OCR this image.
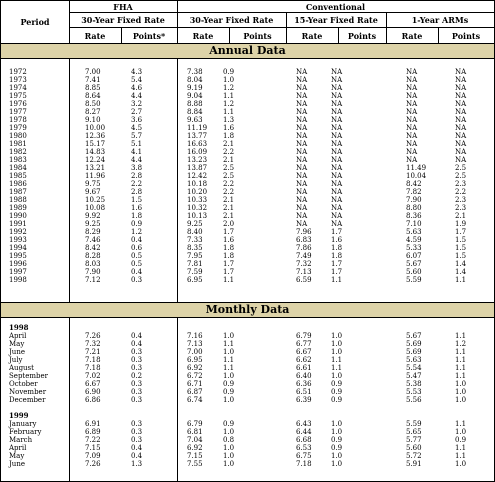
Period
FHA	Conventional
30-Year Fixed Rate	30-Year Fixed Rate	15-Year Fixed Rate	1-Year ARMs
Rate	Points*	Rate	Points	Rate	Points	Rate	Points
Annual Data
1972	7.00	4.3	7.38	0.9	NA	NA	NA	NA
1973	7.41	5.4	8.04	1.0	NA	NA	NA	NA
1974	8.85	4.6	9.19	1.2	NA	NA	NA	NA
1975	8.64	4.4	9.04	1.1	NA	NA	NA	NA
1976	8.50	3.2	8.88	1.2	NA	NA	NA	NA
1977	8.27	2.7	8.84	1.1	NA	NA	NA	NA
1978	9.10	3.6	9.63	1.3	NA	NA	NA	NA
1979	10.00	4.5	11.19 1.6	NA	NA	NA	NA
1980	12.36	5.7	13.77 1.8	NA	NA	NA	NA
1981	15.17	5.1	16.63 2.1	NA	NA	NA	NA
1982	14.83	4.1	16.09 2.2	NA	NA	NA	NA
1983	12.24	4.4	13.23 2.1	NA	NA	NA	NA
1984	13.21	3.8	13.87 2.5	NA	NA	11.49	2.5
1985	11.96	2.8	12.42 2.5	NA	NA	10.04	2.5
1986	9.75	2.2	10.18 2.2	NA	NA	8.42	2.3
1987	9.67	2.8	10.20 2.2	NA	NA	7.82	2.2
1988	10.25	1.5	10.33 2.1	NA	NA	7.90	2.3
1989	10.08	1.6	10.32 2.1	NA	NA	8.80	2.3
1990	9.92	1.8	10.13 2.1	NA	NA	8.36	2.1
1991	9.25	0.9	9.25	2.0	NA	NA	7.10	1.9
1992	8.29	1.2	8.40	1.7	7.96	1.7	5.63	1.7
1993	7.46	0.4	7.33	1.6	6.83	1.6	4.59	1.5
1994	8.42	0.6	8.35	1.8	7.86	1.8	5.33	1.5
1995	8.28	0.5	7.95	1.8	7.49	1.8	6.07	1.5
1996	8.03	0.5	7.81	1.7	7.32	1.7	5.67	1.4
1997	7.90	0.4	7.59	1.7	7.13	1.7	5.60	1.4
1998	7.12	0.3	6.95	1.1	6.59	1.1	5.59	1.1
Monthly Data
1998
April	7.26	0.4	7.16	1.0	6.79	1.0	5.67	1.1
May	7.32	0.4	7.13	1.1	6.77	1.0	5.69	1.2
June	7.21	0.3	7.00	1.0	6.67	1.0	5.69	1.1
July	7.18	0.3	6.95	1.1	6.62	1.1	5.63	1.1
August	7.18	0.3	6.92	1.1	6.61	1.1	5.54	1.1
September	7.02	0.2	6.72	1.0	6.40	1.0	5.47	1.1
October	6.67	0.3	6.71	0.9	6.36	0.9	5.38	1.0
November	6.90	0.3	6.87	0.9	6.51	0.9	5.53	1.0
December	6.86	0.3	6.74	1.0	6.39	0.9	5.56	1.0
1999
January	6.91	0.3	6.79	0.9	6.43	1.0	5.59	1.1
February	6.89	0.3	6.81	1.0	6.44	1.0	5.65	1.0
March	7.22	0.3	7.04	0.8	6.68	0.9	5.77	0.9
April	7.15	0.4	6.92	1.0	6.53	0.9	5.60	1.1
May	7.09	0.4	7.15	1.0	6.75	1.0	5.72	1.1
June	7.26	1.3	7.55	1.0	7.18	1.0	5.91	1.0
